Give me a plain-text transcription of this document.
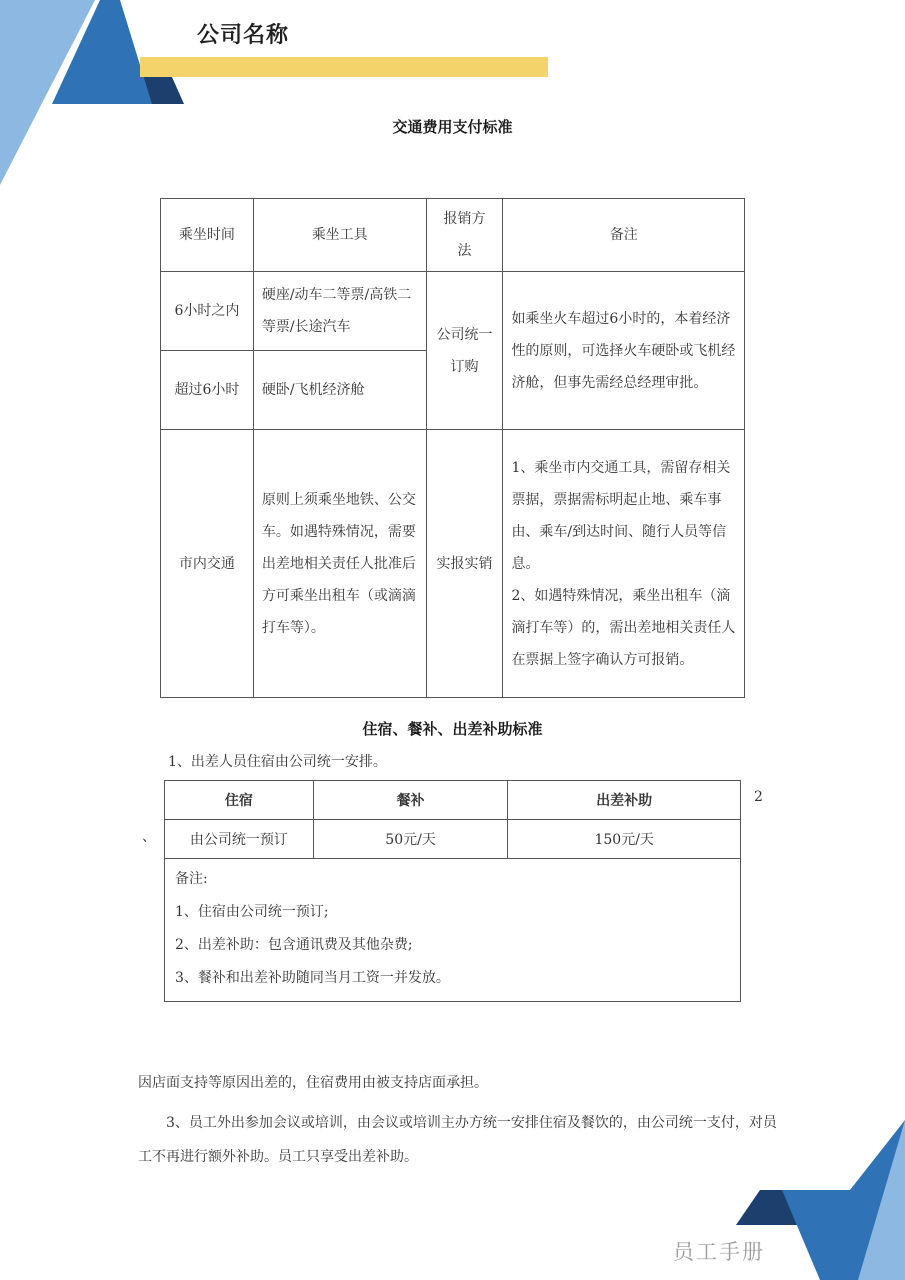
公司名称
员工手册
交通费用支付标准
乘坐时间	乘坐工具	报销方法	备注
6小时之内	硬座/动车二等票/高铁二等票/长途汽车	公司统一订购	如乘坐火车超过6小时的，本着经济性的原则，可选择火车硬卧或飞机经济舱，但事先需经总经理审批。
超过6小时	硬卧/飞机经济舱		
市内交通	原则上须乘坐地铁、公交车。如遇特殊情况，需要出差地相关责任人批准后方可乘坐出租车（或滴滴打车等）。	实报实销	1、乘坐市内交通工具，需留存相关票据，票据需标明起止地、乘车事由、乘车/到达时间、随行人员等信息。
2、如遇特殊情况，乘坐出租车（滴滴打车等）的，需出差地相关责任人在票据上签字确认方可报销。
住宿、餐补、出差补助标准
1、出差人员住宿由公司统一安排。
住宿	餐补	出差补助
由公司统一预订	50元/天	150元/天

备注:
1、住宿由公司统一预订;
2、出差补助：包含通讯费及其他杂费;
3、餐补和出差补助随同当月工资一并发放。		
2
、
因店面支持等原因出差的，住宿费用由被支持店面承担。
3、员工外出参加会议或培训，由会议或培训主办方统一安排住宿及餐饮的，由公司统一支付，对员工不再进行额外补助。员工只享受出差补助。
